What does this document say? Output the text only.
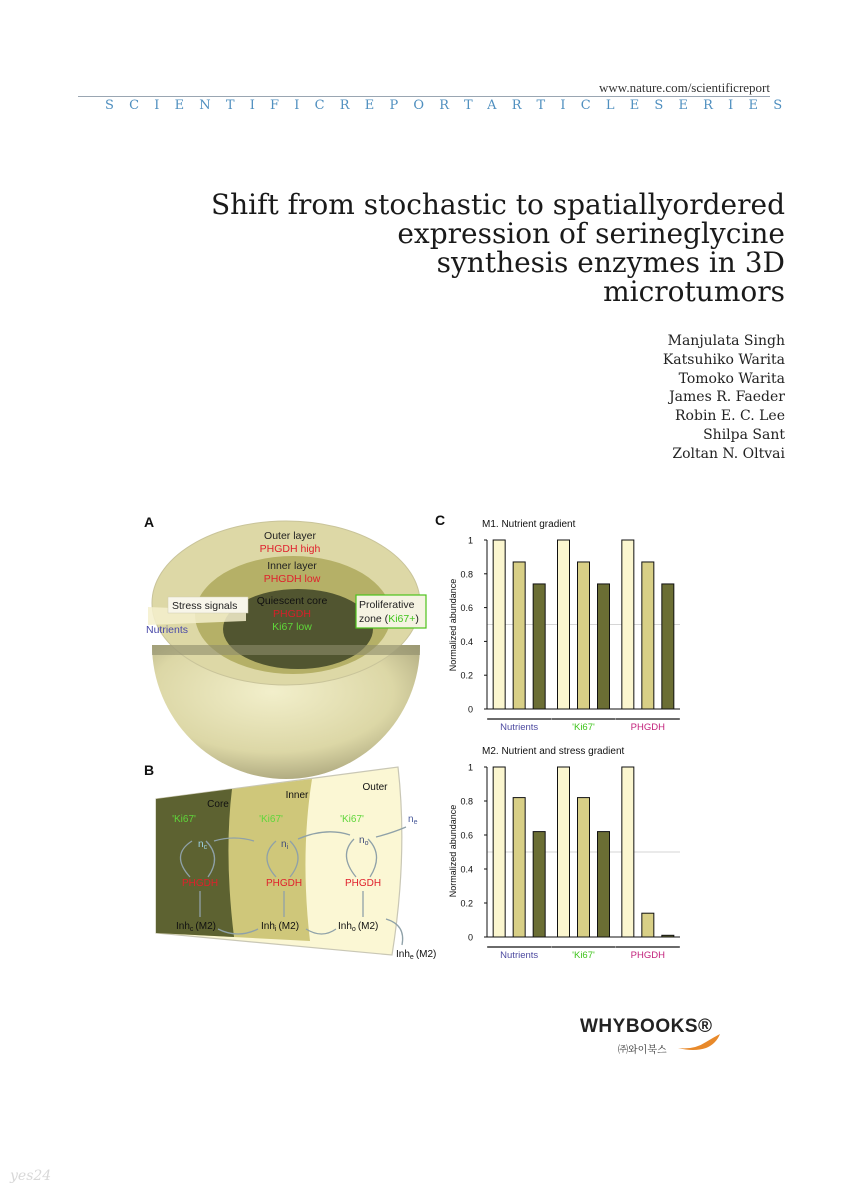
www.nature.com/scientificreport
SCIENTIFICREPORTARTICLESERIES
Shift from stochastic to spatiallyordered
expression of serineglycine
synthesis enzymes in 3D
microtumors
Manjulata Singh
Katsuhiko Warita
Tomoko Warita
James R. Faeder
Robin E. C. Lee
Shilpa Sant
Zoltan N. Oltvai
A
Outer layer
PHGDH high
Inner layer
PHGDH low
Stress signals
Nutrients
Quiescent core
PHGDH
Ki67 low
Proliferative
zone (Ki67+)
B
Core
Inner
Outer
'Ki67'	'Ki67'	'Ki67'
$n_c$	$n_i$
$n_o$
$n_e$
PHGDH	PHGDH	PHGDH
Inh$_c$ (M2)	Inh$_i$ (M2)	Inh$_o$ (M2)
Inh$_e$ (M2)
C	M1. Nutrient gradient
Normalized abundance
0
0.2
0.4
0.6
0.8
1
Nutrients	'Ki67'	PHGDH
M2. Nutrient and stress gradient
Normalized abundance
0
0.2
0.4
0.6
0.8
1
Nutrients	'Ki67'	PHGDH
WHYBOOKS®
㈜와이북스
yes24
